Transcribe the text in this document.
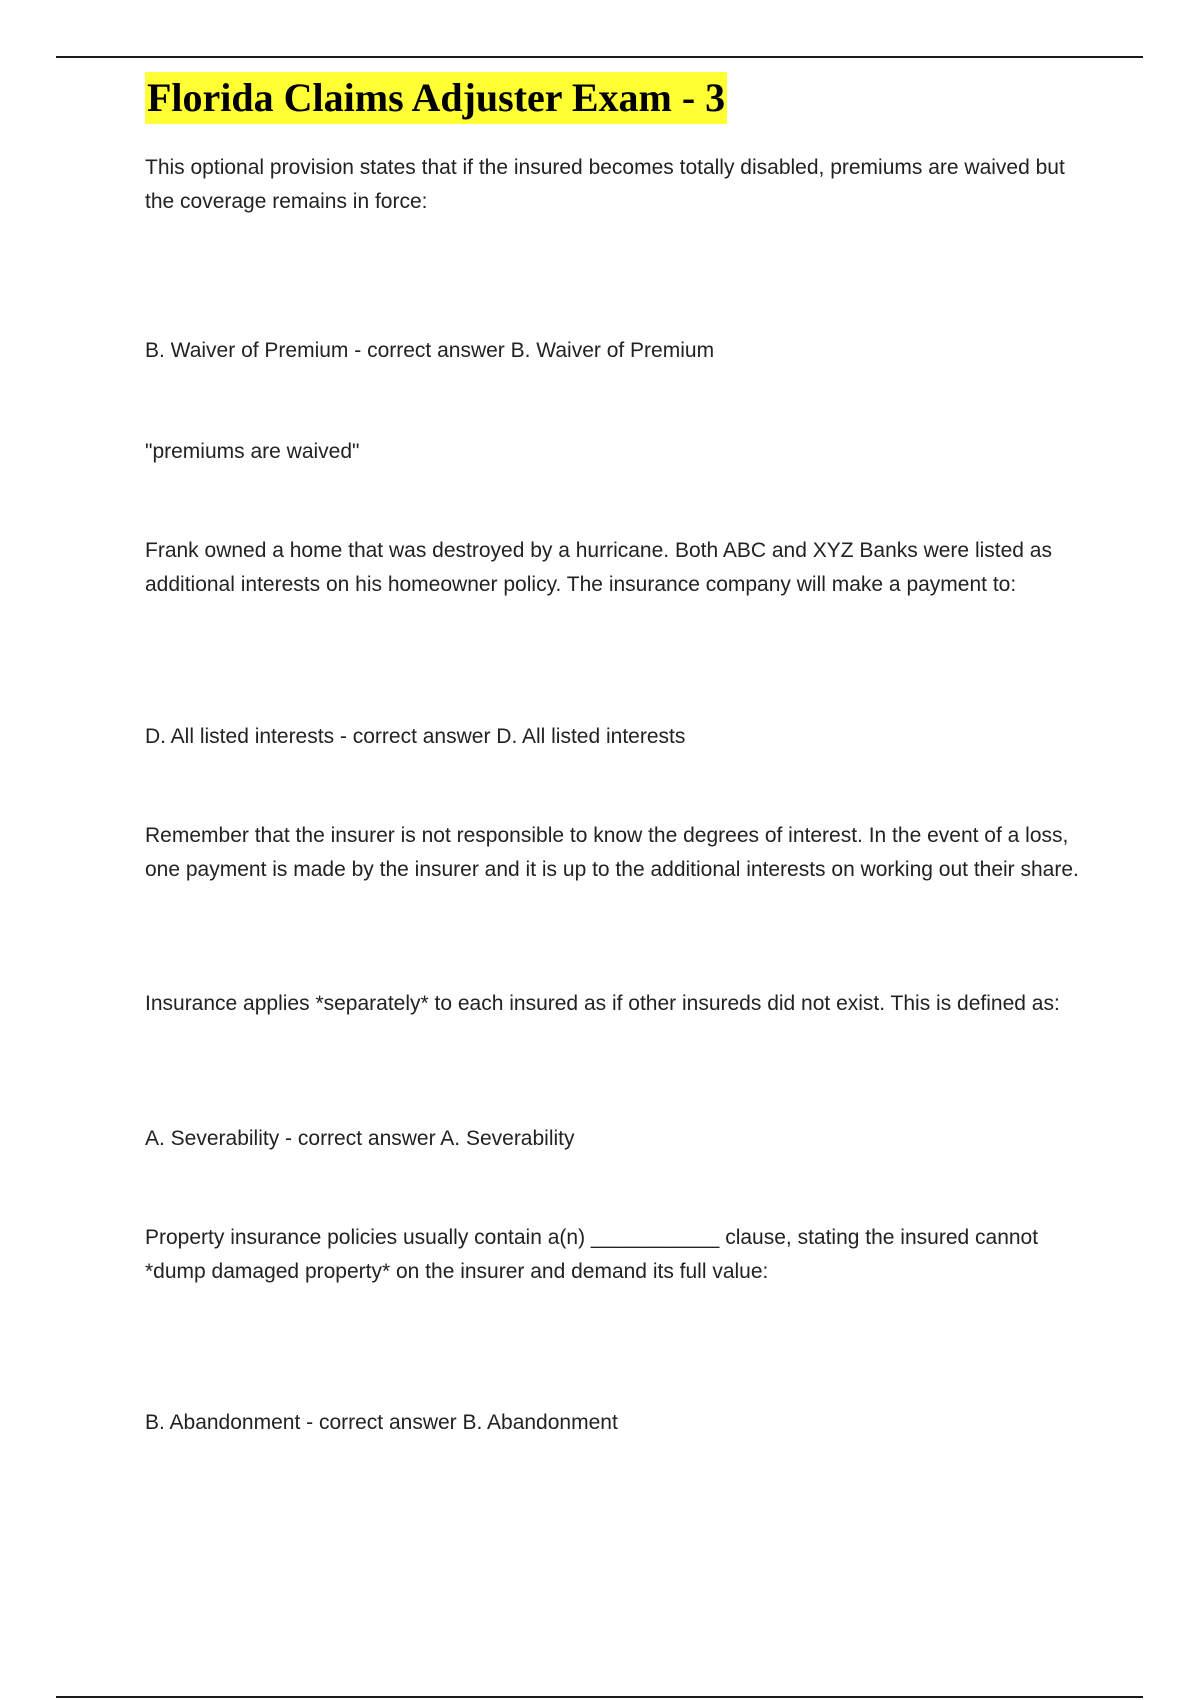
Florida Claims Adjuster Exam - 3

This optional provision states that if the insured becomes totally disabled, premiums are waived but the coverage remains in force:

B. Waiver of Premium - correct answer B. Waiver of Premium

"premiums are waived"

Frank owned a home that was destroyed by a hurricane. Both ABC and XYZ Banks were listed as additional interests on his homeowner policy. The insurance company will make a payment to:

D. All listed interests - correct answer D. All listed interests

Remember that the insurer is not responsible to know the degrees of interest. In the event of a loss, one payment is made by the insurer and it is up to the additional interests on working out their share.

Insurance applies *separately* to each insured as if other insureds did not exist. This is defined as:

A. Severability - correct answer A. Severability

Property insurance policies usually contain a(n) ___________ clause, stating the insured cannot *dump damaged property* on the insurer and demand its full value:

B. Abandonment - correct answer B. Abandonment
